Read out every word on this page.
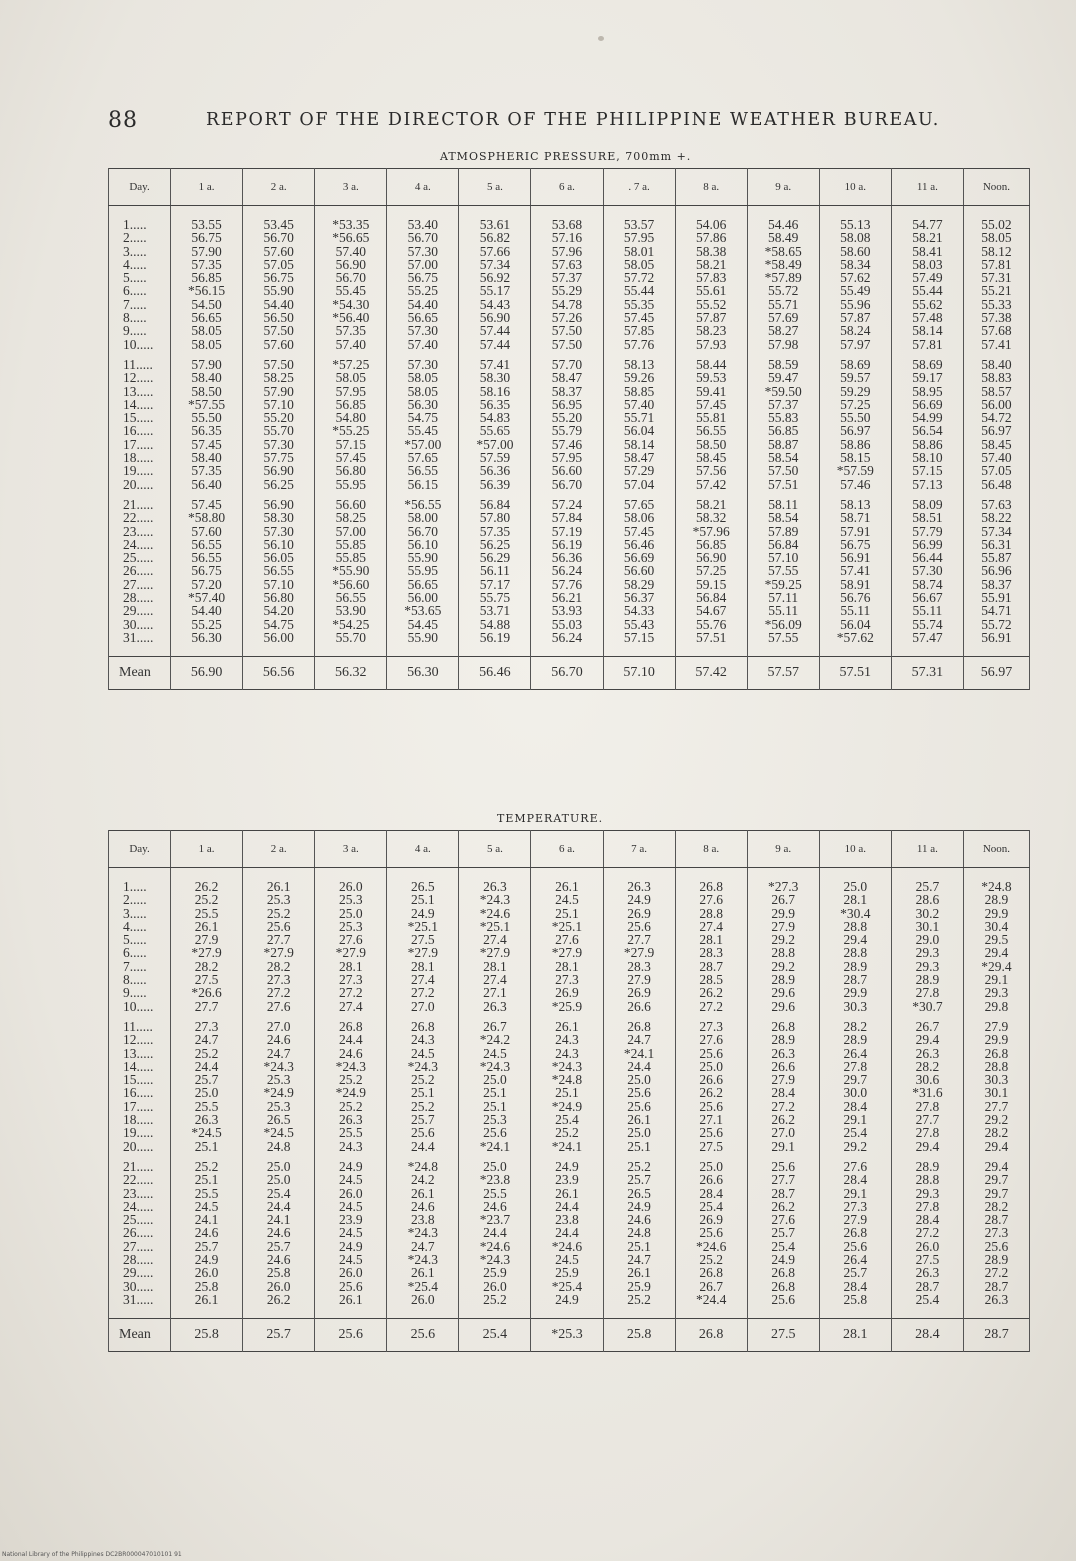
88	REPORT OF THE DIRECTOR OF THE PHILIPPINE WEATHER BUREAU.
ATMOSPHERIC PRESSURE, 700mm +.
Day.	1 a.	2 a.	3 a.	4 a.	5 a.	6 a.	. 7 a.	8 a.	9 a.	10 a.	11 a.	Noon.

1.....	53.55	53.45	*53.35	53.40	53.61	53.68	53.57	54.06	54.46	55.13	54.77	55.02
2.....	56.75	56.70	*56.65	56.70	56.82	57.16	57.95	57.86	58.49	58.08	58.21	58.05
3.....	57.90	57.60	57.40	57.30	57.66	57.96	58.01	58.38	*58.65	58.60	58.41	58.12
4.....	57.35	57.05	56.90	57.00	57.34	57.63	58.05	58.21	*58.49	58.34	58.03	57.81
5.....	56.85	56.75	56.70	56.75	56.92	57.37	57.72	57.83	*57.89	57.62	57.49	57.31
6.....	*56.15	55.90	55.45	55.25	55.17	55.29	55.44	55.61	55.72	55.49	55.44	55.21
7.....	54.50	54.40	*54.30	54.40	54.43	54.78	55.35	55.52	55.71	55.96	55.62	55.33
8.....	56.65	56.50	*56.40	56.65	56.90	57.26	57.45	57.87	57.69	57.87	57.48	57.38
9.....	58.05	57.50	57.35	57.30	57.44	57.50	57.85	58.23	58.27	58.24	58.14	57.68
10.....	58.05	57.60	57.40	57.40	57.44	57.50	57.76	57.93	57.98	57.97	57.81	57.41

11.....	57.90	57.50	*57.25	57.30	57.41	57.70	58.13	58.44	58.59	58.69	58.69	58.40
12.....	58.40	58.25	58.05	58.05	58.30	58.47	59.26	59.53	59.47	59.57	59.17	58.83
13.....	58.50	57.90	57.95	58.05	58.16	58.37	58.85	59.41	*59.50	59.29	58.95	58.57
14.....	*57.55	57.10	56.85	56.30	56.35	56.95	57.40	57.45	57.37	57.25	56.69	56.00
15.....	55.50	55.20	54.80	54.75	54.83	55.20	55.71	55.81	55.83	55.50	54.99	54.72
16.....	56.35	55.70	*55.25	55.45	55.65	55.79	56.04	56.55	56.85	56.97	56.54	56.97
17.....	57.45	57.30	57.15	*57.00	*57.00	57.46	58.14	58.50	58.87	58.86	58.86	58.45
18.....	58.40	57.75	57.45	57.65	57.59	57.95	58.47	58.45	58.54	58.15	58.10	57.40
19.....	57.35	56.90	56.80	56.55	56.36	56.60	57.29	57.56	57.50	*57.59	57.15	57.05
20.....	56.40	56.25	55.95	56.15	56.39	56.70	57.04	57.42	57.51	57.46	57.13	56.48

21.....	57.45	56.90	56.60	*56.55	56.84	57.24	57.65	58.21	58.11	58.13	58.09	57.63
22.....	*58.80	58.30	58.25	58.00	57.80	57.84	58.06	58.32	58.54	58.71	58.51	58.22
23.....	57.60	57.30	57.00	56.70	57.35	57.19	57.45	*57.96	57.89	57.91	57.79	57.34
24.....	56.55	56.10	55.85	56.10	56.25	56.19	56.46	56.85	56.84	56.75	56.99	56.31
25.....	56.55	56.05	55.85	55.90	56.29	56.36	56.69	56.90	57.10	56.91	56.44	55.87
26.....	56.75	56.55	*55.90	55.95	56.11	56.24	56.60	57.25	57.55	57.41	57.30	56.96
27.....	57.20	57.10	*56.60	56.65	57.17	57.76	58.29	59.15	*59.25	58.91	58.74	58.37
28.....	*57.40	56.80	56.55	56.00	55.75	56.21	56.37	56.84	57.11	56.76	56.67	55.91
29.....	54.40	54.20	53.90	*53.65	53.71	53.93	54.33	54.67	55.11	55.11	55.11	54.71
30.....	55.25	54.75	*54.25	54.45	54.88	55.03	55.43	55.76	*56.09	56.04	55.74	55.72
31.....	56.30	56.00	55.70	55.90	56.19	56.24	57.15	57.51	57.55	*57.62	57.47	56.91

Mean	56.90	56.56	56.32	56.30	56.46	56.70	57.10	57.42	57.57	57.51	57.31	56.97
TEMPERATURE.
Day.	1 a.	2 a.	3 a.	4 a.	5 a.	6 a.	7 a.	8 a.	9 a.	10 a.	11 a.	Noon.

1.....	26.2	26.1	26.0	26.5	26.3	26.1	26.3	26.8	*27.3	25.0	25.7	*24.8
2.....	25.2	25.3	25.3	25.1	*24.3	24.5	24.9	27.6	26.7	28.1	28.6	28.9
3.....	25.5	25.2	25.0	24.9	*24.6	25.1	26.9	28.8	29.9	*30.4	30.2	29.9
4.....	26.1	25.6	25.3	*25.1	*25.1	*25.1	25.6	27.4	27.9	28.8	30.1	30.4
5.....	27.9	27.7	27.6	27.5	27.4	27.6	27.7	28.1	29.2	29.4	29.0	29.5
6.....	*27.9	*27.9	*27.9	*27.9	*27.9	*27.9	*27.9	28.3	28.8	28.8	29.3	29.4
7.....	28.2	28.2	28.1	28.1	28.1	28.1	28.3	28.7	29.2	28.9	29.3	*29.4
8.....	27.5	27.3	27.3	27.4	27.4	27.3	27.9	28.5	28.9	28.7	28.9	29.1
9.....	*26.6	27.2	27.2	27.2	27.1	26.9	26.9	26.2	29.6	29.9	27.8	29.3
10.....	27.7	27.6	27.4	27.0	26.3	*25.9	26.6	27.2	29.6	30.3	*30.7	29.8

11.....	27.3	27.0	26.8	26.8	26.7	26.1	26.8	27.3	26.8	28.2	26.7	27.9
12.....	24.7	24.6	24.4	24.3	*24.2	24.3	24.7	27.6	28.9	28.9	29.4	29.9
13.....	25.2	24.7	24.6	24.5	24.5	24.3	*24.1	25.6	26.3	26.4	26.3	26.8
14.....	24.4	*24.3	*24.3	*24.3	*24.3	*24.3	24.4	25.0	26.6	27.8	28.2	28.8
15.....	25.7	25.3	25.2	25.2	25.0	*24.8	25.0	26.6	27.9	29.7	30.6	30.3
16.....	25.0	*24.9	*24.9	25.1	25.1	25.1	25.6	26.2	28.4	30.0	*31.6	30.1
17.....	25.5	25.3	25.2	25.2	25.1	*24.9	25.6	25.6	27.2	28.4	27.8	27.7
18.....	26.3	26.5	26.3	25.7	25.3	25.4	26.1	27.1	26.2	29.1	27.7	29.2
19.....	*24.5	*24.5	25.5	25.6	25.6	25.2	25.0	25.6	27.0	25.4	27.8	28.2
20.....	25.1	24.8	24.3	24.4	*24.1	*24.1	25.1	27.5	29.1	29.2	29.4	29.4

21.....	25.2	25.0	24.9	*24.8	25.0	24.9	25.2	25.0	25.6	27.6	28.9	29.4
22.....	25.1	25.0	24.5	24.2	*23.8	23.9	25.7	26.6	27.7	28.4	28.8	29.7
23.....	25.5	25.4	26.0	26.1	25.5	26.1	26.5	28.4	28.7	29.1	29.3	29.7
24.....	24.5	24.4	24.5	24.6	24.6	24.4	24.9	25.4	26.2	27.3	27.8	28.2
25.....	24.1	24.1	23.9	23.8	*23.7	23.8	24.6	26.9	27.6	27.9	28.4	28.7
26.....	24.6	24.6	24.5	*24.3	24.4	24.4	24.8	25.6	25.7	26.8	27.2	27.3
27.....	25.7	25.7	24.9	24.7	*24.6	*24.6	25.1	*24.6	25.4	25.6	26.0	25.6
28.....	24.9	24.6	24.5	*24.3	*24.3	24.5	24.7	25.2	24.9	26.4	27.5	28.9
29.....	26.0	25.8	26.0	26.1	25.9	25.9	26.1	26.8	26.8	25.7	26.3	27.2
30.....	25.8	26.0	25.6	*25.4	26.0	*25.4	25.9	26.7	26.8	28.4	28.7	28.7
31.....	26.1	26.2	26.1	26.0	25.2	24.9	25.2	*24.4	25.6	25.8	25.4	26.3

Mean	25.8	25.7	25.6	25.6	25.4	*25.3	25.8	26.8	27.5	28.1	28.4	28.7
National Library of the Philippines DC2BR000047010101 91
